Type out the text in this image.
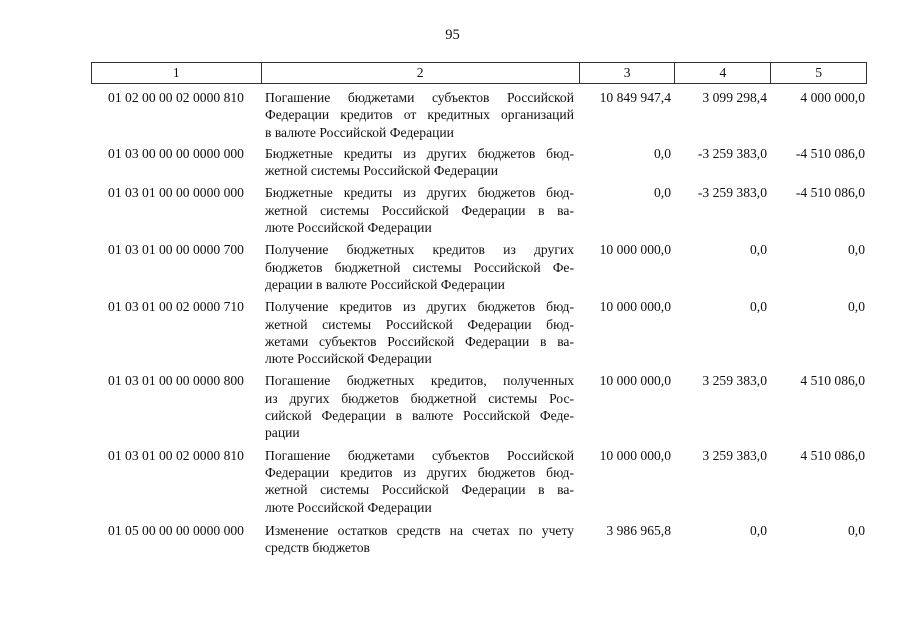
95
1	2	3	4	5
01 02 00 00 02 0000 810	Погашение бюджетами субъектов Российской
Федерации кредитов от кредитных организаций
в валюте Российской Федерации
10 849 947,4	3 099 298,4	4 000 000,0
01 03 00 00 00 0000 000	Бюджетные кредиты из других бюджетов бюд-
жетной системы Российской Федерации
0,0	-3 259 383,0	-4 510 086,0
01 03 01 00 00 0000 000	Бюджетные кредиты из других бюджетов бюд-
жетной системы Российской Федерации в ва-
люте Российской Федерации
0,0	-3 259 383,0	-4 510 086,0
01 03 01 00 00 0000 700	Получение бюджетных кредитов из других
бюджетов бюджетной системы Российской Фе-
дерации в валюте Российской Федерации
10 000 000,0	0,0	0,0
01 03 01 00 02 0000 710	Получение кредитов из других бюджетов бюд-
жетной системы Российской Федерации бюд-
жетами субъектов Российской Федерации в ва-
люте Российской Федерации
10 000 000,0	0,0	0,0
01 03 01 00 00 0000 800	Погашение бюджетных кредитов, полученных
из других бюджетов бюджетной системы Рос-
сийской Федерации в валюте Российской Феде-
рации
10 000 000,0	3 259 383,0	4 510 086,0
01 03 01 00 02 0000 810	Погашение бюджетами субъектов Российской
Федерации кредитов из других бюджетов бюд-
жетной системы Российской Федерации в ва-
люте Российской Федерации
10 000 000,0	3 259 383,0	4 510 086,0
01 05 00 00 00 0000 000	Изменение остатков средств на счетах по учету
средств бюджетов
3 986 965,8	0,0	0,0
